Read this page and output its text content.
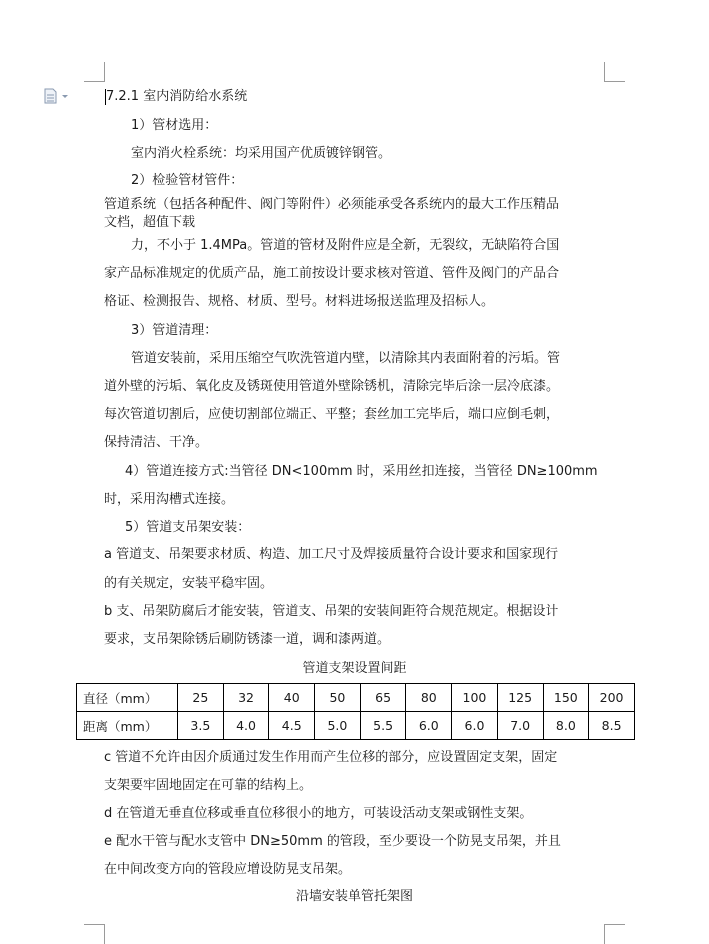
7.2.1 室内消防给水系统
1）管材选用：
室内消火栓系统：均采用国产优质镀锌钢管。
2）检验管材管件：
管道系统（包括各种配件、阀门等附件）必须能承受各系统内的最大工作压精品
文档，超值下载
力，不小于 1.4MPa。管道的管材及附件应是全新，无裂纹，无缺陷符合国
家产品标准规定的优质产品，施工前按设计要求核对管道、管件及阀门的产品合
格证、检测报告、规格、材质、型号。材料进场报送监理及招标人。
3）管道清理：
管道安装前，采用压缩空气吹洗管道内壁，以清除其内表面附着的污垢。管
道外壁的污垢、氧化皮及锈斑使用管道外壁除锈机，清除完毕后涂一层冷底漆。
每次管道切割后，应使切割部位端正、平整；套丝加工完毕后，端口应倒毛刺，
保持清洁、干净。
4）管道连接方式:当管径 DN<100mm 时，采用丝扣连接，当管径 DN≥100mm
时，采用沟槽式连接。
5）管道支吊架安装：
a 管道支、吊架要求材质、构造、加工尺寸及焊接质量符合设计要求和国家现行
的有关规定，安装平稳牢固。
b 支、吊架防腐后才能安装，管道支、吊架的安装间距符合规范规定。根据设计
要求，支吊架除锈后刷防锈漆一道，调和漆两道。
管道支架设置间距
直径（mm）	25	32	40	50	65	80	100	125	150	200
距离（mm）	3.5	4.0	4.5	5.0	5.5	6.0	6.0	7.0	8.0	8.5
c 管道不允许由因介质通过发生作用而产生位移的部分，应设置固定支架，固定
支架要牢固地固定在可靠的结构上。
d 在管道无垂直位移或垂直位移很小的地方，可装设活动支架或钢性支架。
e 配水干管与配水支管中 DN≥50mm 的管段，至少要设一个防晃支吊架，并且
在中间改变方向的管段应增设防晃支吊架。
沿墙安装单管托架图
